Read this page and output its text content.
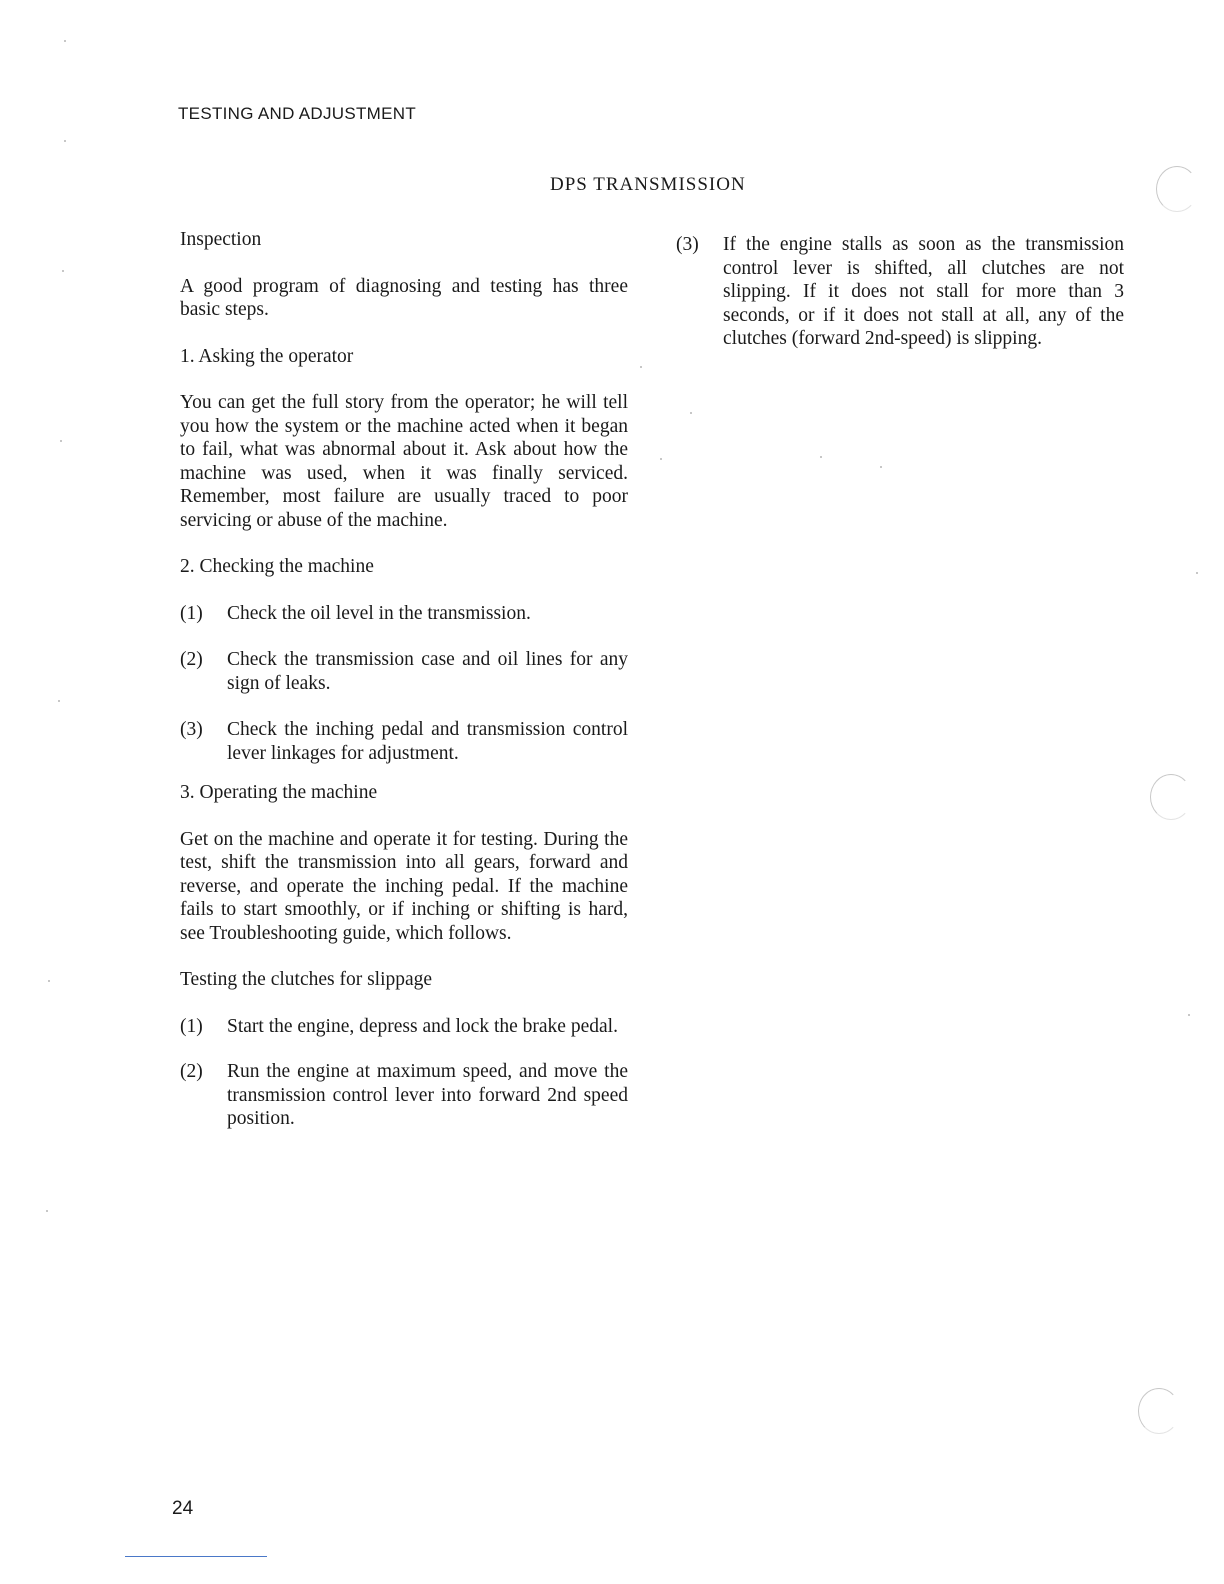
TESTING AND ADJUSTMENT
DPS TRANSMISSION

Inspection

A good program of diagnosing and testing has three basic steps.

1. Asking the operator

You can get the full story from the operator; he will tell you how the system or the machine acted when it began to fail, what was abnormal about it. Ask about how the machine was used, when it was finally serviced. Remember, most failure are usually traced to poor servicing or abuse of the machine.

2. Checking the machine

(1)	Check the oil level in the transmission.
(2)	Check the transmission case and oil lines for any sign of leaks.
(3)	Check the inching pedal and transmission control lever linkages for adjustment.

3. Operating the machine

Get on the machine and operate it for testing. During the test, shift the transmission into all gears, forward and reverse, and operate the inching pedal. If the machine fails to start smoothly, or if inching or shifting is hard, see Troubleshooting guide, which follows.

Testing the clutches for slippage

(1)	Start the engine, depress and lock the brake pedal.
(2)	Run the engine at maximum speed, and move the transmission control lever into forward 2nd speed position.
(3)	If the engine stalls as soon as the transmission control lever is shifted, all clutches are not slipping. If it does not stall for more than 3 seconds, or if it does not stall at all, any of the clutches (forward 2nd-speed) is slipping.
24
